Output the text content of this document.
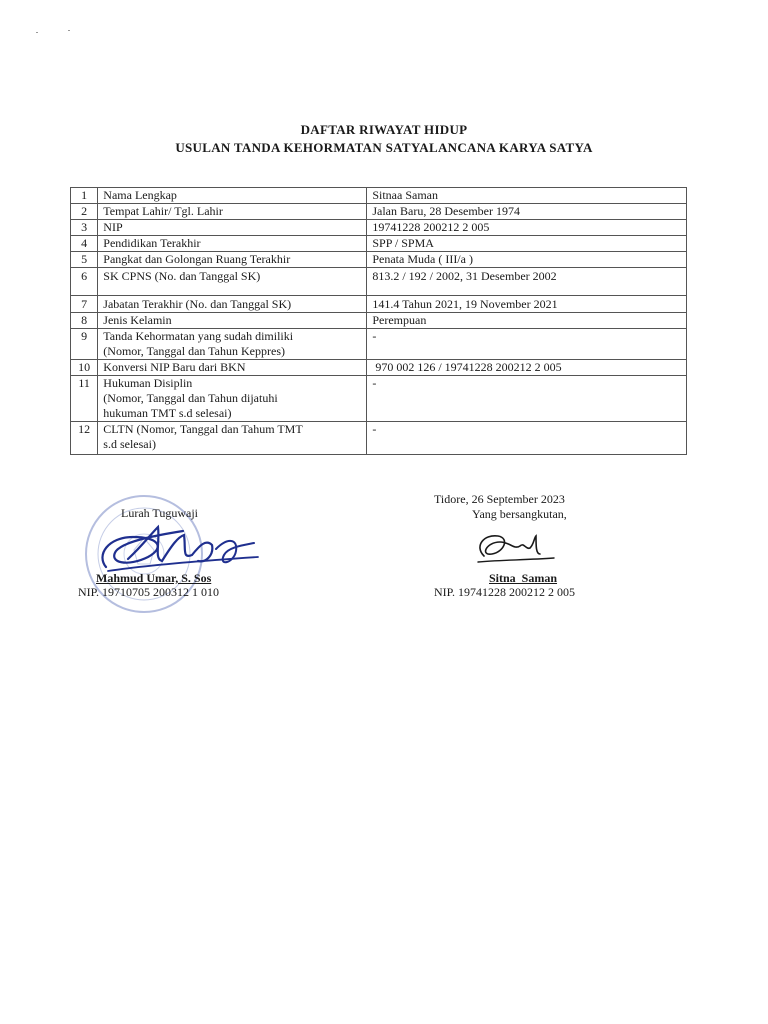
DAFTAR RIWAYAT HIDUP
USULAN TANDA KEHORMATAN SATYALANCANA KARYA SATYA
1	Nama Lengkap	Sitnaa Saman
2	Tempat Lahir/ Tgl. Lahir	Jalan Baru, 28 Desember 1974
3	NIP	19741228 200212 2 005
4	Pendidikan Terakhir	SPP / SPMA
5	Pangkat dan Golongan Ruang Terakhir	Penata Muda ( III/a )
6	SK CPNS (No. dan Tanggal SK)	813.2 / 192 / 2002, 31 Desember 2002
7	Jabatan Terakhir (No. dan Tanggal SK)	141.4 Tahun 2021, 19 November 2021
8	Jenis Kelamin	Perempuan
9	Tanda Kehormatan yang sudah dimiliki
(Nomor, Tanggal dan Tahun Keppres)	-
10	Konversi NIP Baru dari BKN	970 002 126 / 19741228 200212 2 005
11	Hukuman Disiplin
(Nomor, Tanggal dan Tahun dijatuhi
hukuman TMT s.d selesai)	-
12	CLTN (Nomor, Tanggal dan Tahum TMT
s.d selesai)	-
Lurah Tuguwaji
Mahmud Umar, S. Sos
NIP. 19710705 200312 1 010
Tidore, 26 September 2023
Yang bersangkutan,
Sitna  Saman
NIP. 19741228 200212 2 005
